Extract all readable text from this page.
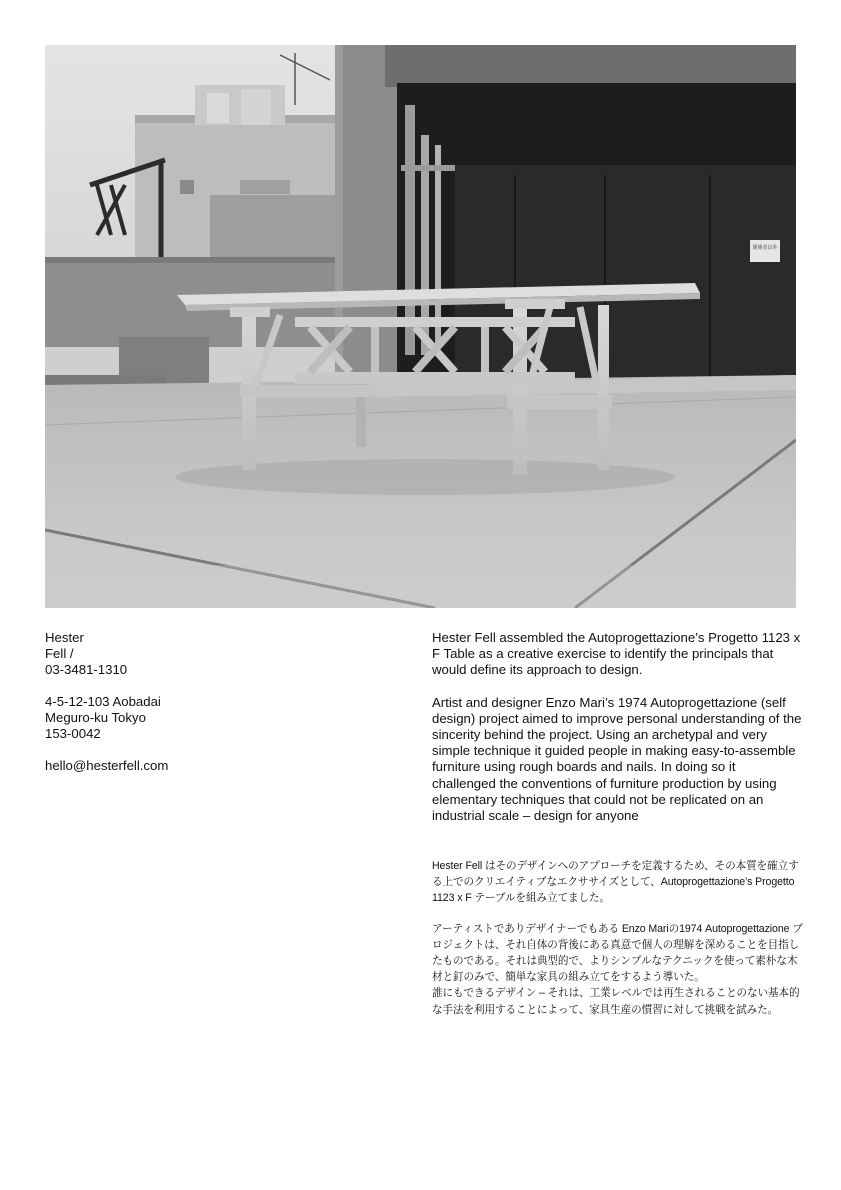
関係者以外
Hester
Fell /
03-3481-1310
4-5-12-103 Aobadai
Meguro-ku Tokyo
153-0042
hello@hesterfell.com

Hester Fell assembled the Autoprogettazione’s Progetto 1123 x F Table as a creative exercise to identify the principals that would define its approach to design.

Artist and designer Enzo Mari’s 1974 Autoprogettazione (self design) project aimed to improve personal understanding of the sincerity behind the project. Using an archetypal and very simple technique it guided people in making easy-to-assemble furniture using rough boards and nails. In doing so it challenged the conventions of furniture production by using elementary techniques that could not be replicated on an industrial scale – design for anyone

Hester Fell はそのデザインへのアプローチを定義するため、その本質を確立する上でのクリエイティブなエクササイズとして、Autoprogettazione’s Progetto 1123 x F テーブルを組み立てました。

アーティストでありデザイナーでもある Enzo Mariの1974 Autoprogettazione プロジェクトは、それ自体の背後にある真意で個人の理解を深めることを目指したものである。それは典型的で、よりシンプルなテクニックを使って素朴な木材と釘のみで、簡単な家具の組み立てをするよう導いた。

誰にもできるデザイン – それは、工業レベルでは再生されることのない基本的な手法を利用することによって、家具生産の慣習に対して挑戦を試みた。
